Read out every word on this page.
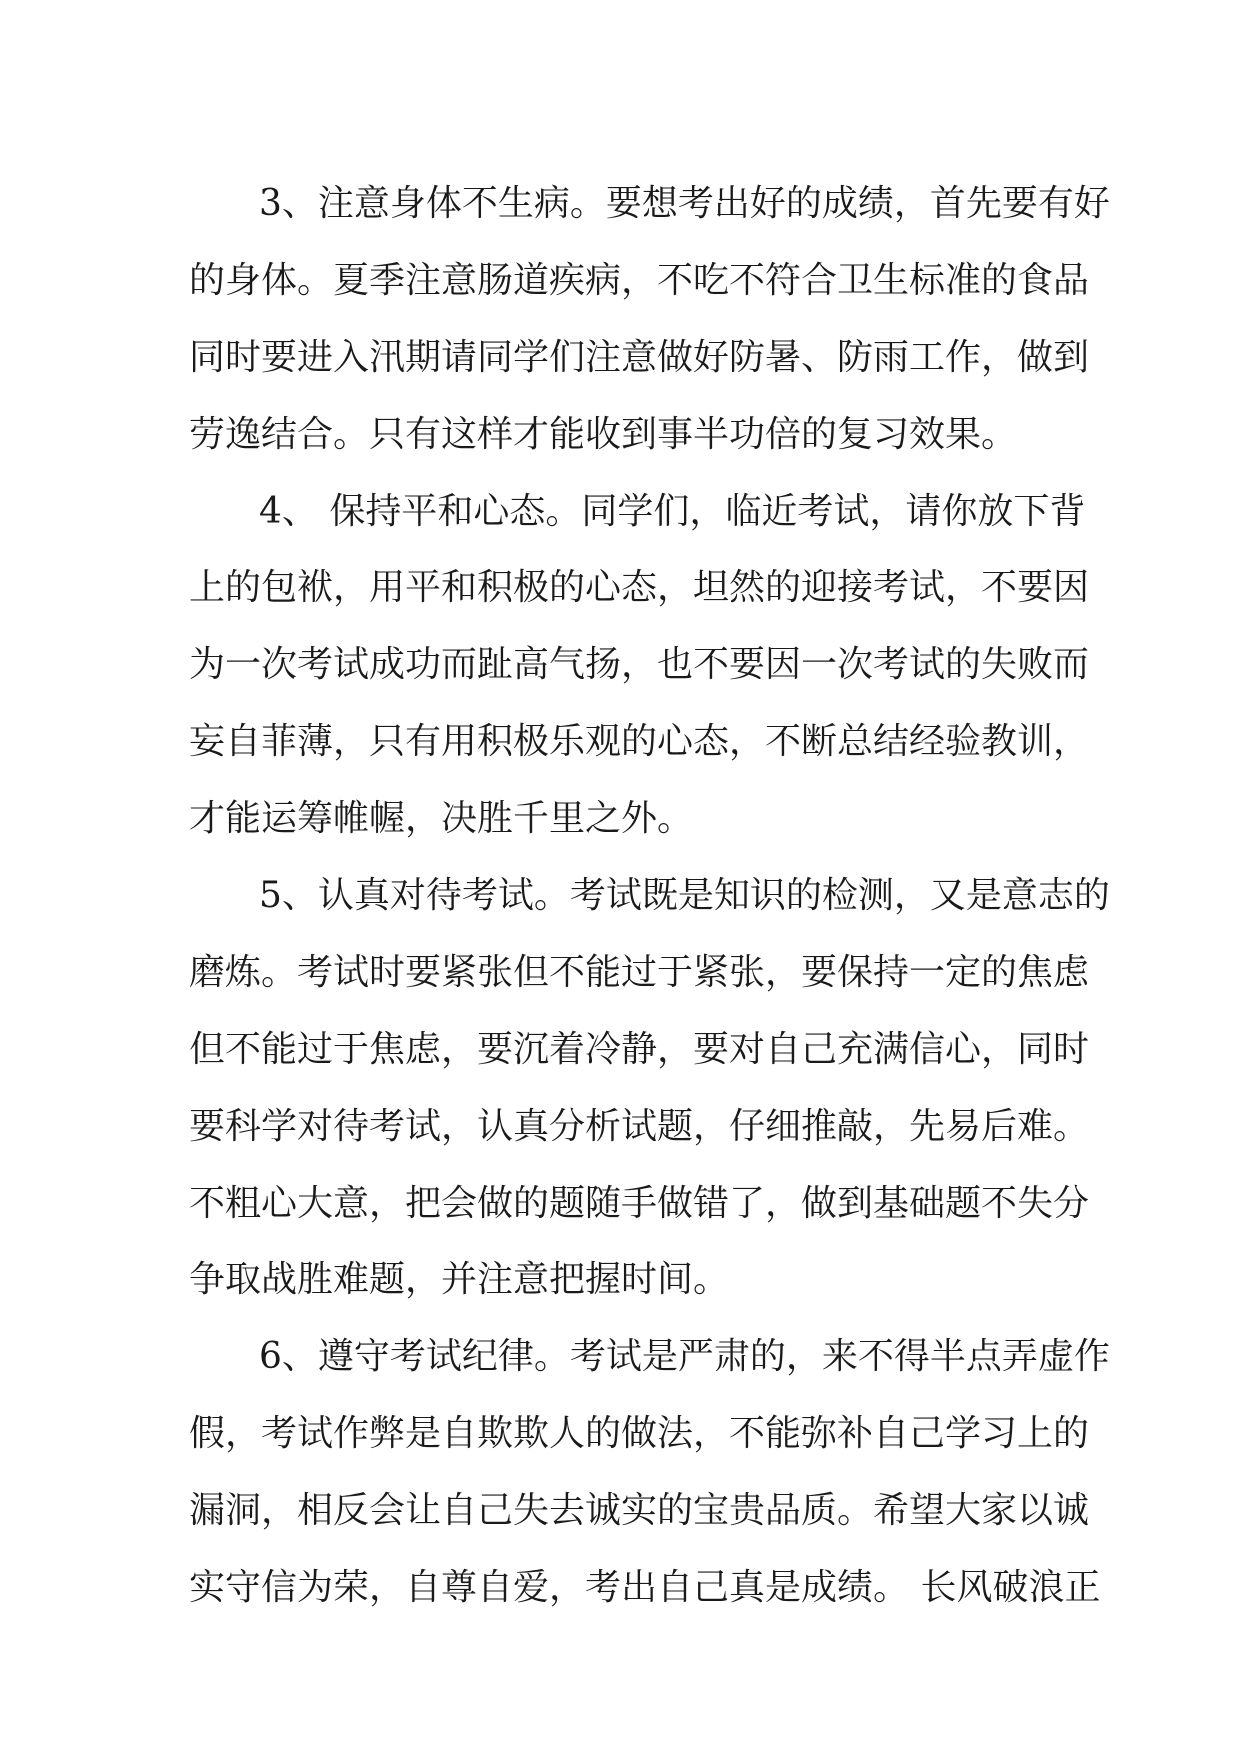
3、注意身体不生病。要想考出好的成绩，首先要有好
的身体。夏季注意肠道疾病，不吃不符合卫生标准的食品
同时要进入汛期请同学们注意做好防暑、防雨工作，做到
劳逸结合。只有这样才能收到事半功倍的复习效果。
4、 保持平和心态。同学们，临近考试，请你放下背
上的包袱，用平和积极的心态，坦然的迎接考试，不要因
为一次考试成功而趾高气扬，也不要因一次考试的失败而
妄自菲薄，只有用积极乐观的心态，不断总结经验教训，
才能运筹帷幄，决胜千里之外。
5、认真对待考试。考试既是知识的检测，又是意志的
磨炼。考试时要紧张但不能过于紧张，要保持一定的焦虑
但不能过于焦虑，要沉着冷静，要对自己充满信心，同时
要科学对待考试，认真分析试题，仔细推敲，先易后难。
不粗心大意，把会做的题随手做错了，做到基础题不失分
争取战胜难题，并注意把握时间。
6、遵守考试纪律。考试是严肃的，来不得半点弄虚作
假，考试作弊是自欺欺人的做法，不能弥补自己学习上的
漏洞，相反会让自己失去诚实的宝贵品质。希望大家以诚
实守信为荣，自尊自爱，考出自己真是成绩。 长风破浪正
